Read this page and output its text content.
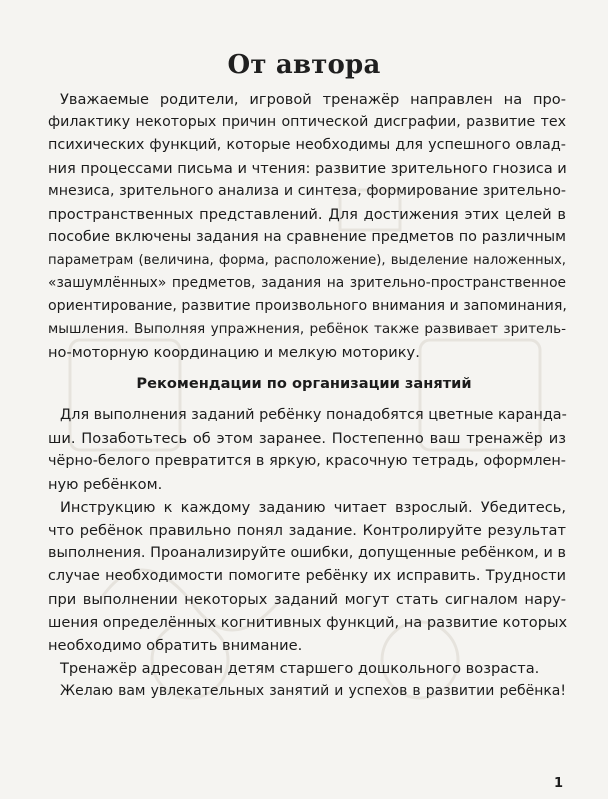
От автора
Уважаемые родители, игровой тренажёр направлен на про-
филактику некоторых причин оптической дисграфии, развитие тех
психических функций, которые необходимы для успешного овлад-
ния процессами письма и чтения: развитие зрительного гнозиса и
мнезиса, зрительного анализа и синтеза, формирование зрительно-
пространственных представлений. Для достижения этих целей в
пособие включены задания на сравнение предметов по различным
параметрам (величина, форма, расположение), выделение наложенных,
«зашумлённых» предметов, задания на зрительно-пространственное
ориентирование, развитие произвольного внимания и запоминания,
мышления. Выполняя упражнения, ребёнок также развивает зритель-
но-моторную координацию и мелкую моторику.
Рекомендации по организации занятий
Для выполнения заданий ребёнку понадобятся цветные каранда-
ши. Позаботьтесь об этом заранее. Постепенно ваш тренажёр из
чёрно-белого превратится в яркую, красочную тетрадь, оформлен-
ную ребёнком.
Инструкцию к каждому заданию читает взрослый. Убедитесь,
что ребёнок правильно понял задание. Контролируйте результат
выполнения. Проанализируйте ошибки, допущенные ребёнком, и в
случае необходимости помогите ребёнку их исправить. Трудности
при выполнении некоторых заданий могут стать сигналом нару-
шения определённых когнитивных функций, на развитие которых
необходимо обратить внимание.
Тренажёр адресован детям старшего дошкольного возраста.
Желаю вам увлекательных занятий и успехов в развитии ребёнка!
1
